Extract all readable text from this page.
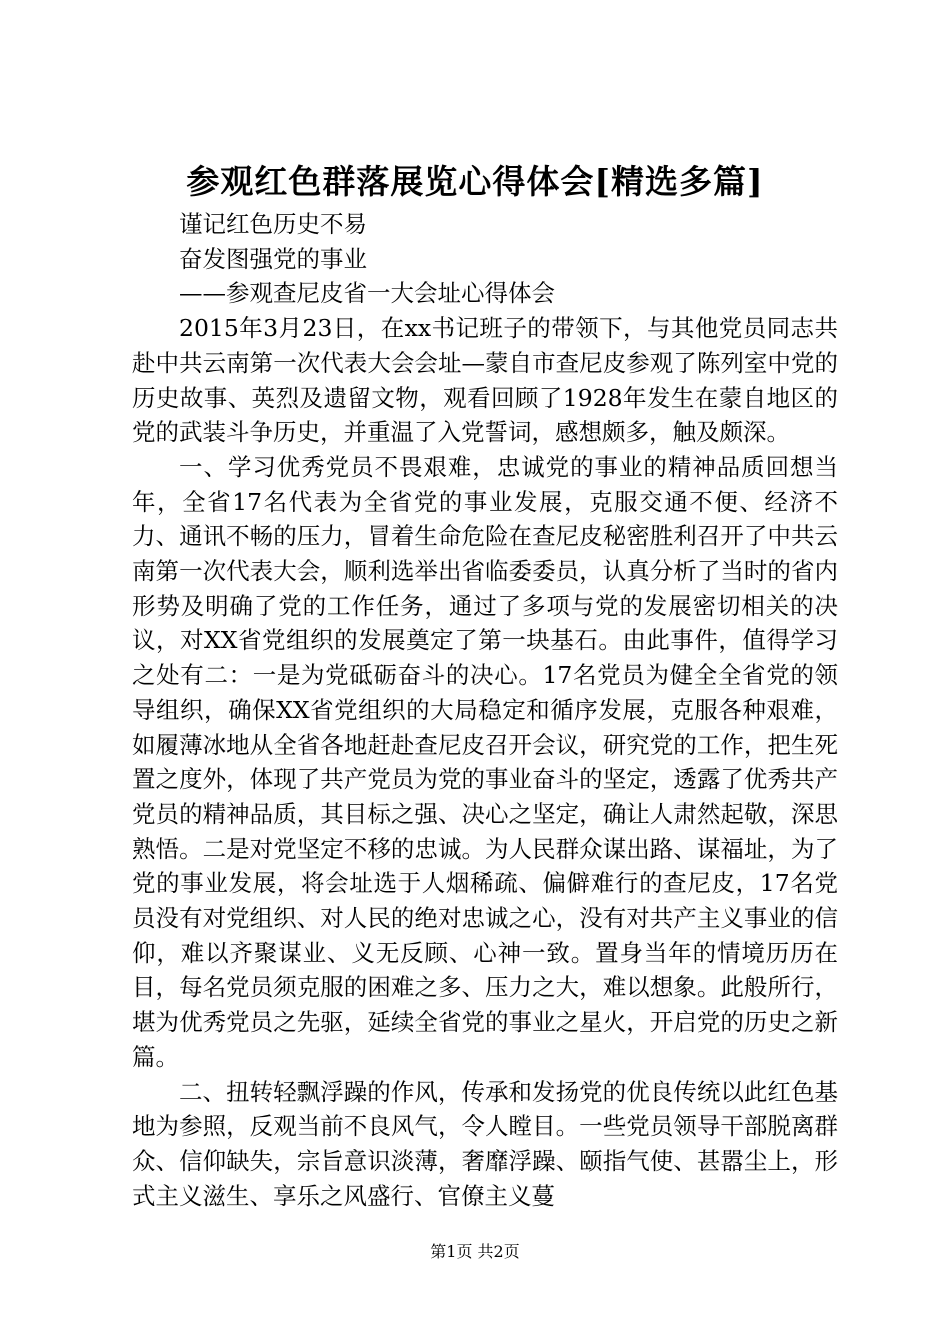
参观红色群落展览心得体会[精选多篇]

谨记红色历史不易

奋发图强党的事业

——参观查尼皮省一大会址心得体会

2015年3月23日，在xx书记班子的带领下，与其他党员同志共赴中共云南第一次代表大会会址—蒙自市查尼皮参观了陈列室中党的历史故事、英烈及遗留文物，观看回顾了1928年发生在蒙自地区的党的武装斗争历史，并重温了入党誓词，感想颇多，触及颇深。

一、学习优秀党员不畏艰难，忠诚党的事业的精神品质回想当年，全省17名代表为全省党的事业发展，克服交通不便、经济不力、通讯不畅的压力，冒着生命危险在查尼皮秘密胜利召开了中共云南第一次代表大会，顺利选举出省临委委员，认真分析了当时的省内形势及明确了党的工作任务，通过了多项与党的发展密切相关的决议，对XX省党组织的发展奠定了第一块基石。由此事件，值得学习之处有二：一是为党砥砺奋斗的决心。17名党员为健全全省党的领导组织，确保XX省党组织的大局稳定和循序发展，克服各种艰难，如履薄冰地从全省各地赶赴查尼皮召开会议，研究党的工作，把生死置之度外，体现了共产党员为党的事业奋斗的坚定，透露了优秀共产党员的精神品质，其目标之强、决心之坚定，确让人肃然起敬，深思熟悟。二是对党坚定不移的忠诚。为人民群众谋出路、谋福址，为了党的事业发展，将会址选于人烟稀疏、偏僻难行的查尼皮，17名党员没有对党组织、对人民的绝对忠诚之心，没有对共产主义事业的信仰，难以齐聚谋业、义无反顾、心神一致。置身当年的情境历历在目，每名党员须克服的困难之多、压力之大，难以想象。此般所行，堪为优秀党员之先驱，延续全省党的事业之星火，开启党的历史之新篇。

二、扭转轻飘浮躁的作风，传承和发扬党的优良传统以此红色基地为参照，反观当前不良风气，令人瞠目。一些党员领导干部脱离群众、信仰缺失，宗旨意识淡薄，奢靡浮躁、颐指气使、甚嚣尘上，形式主义滋生、享乐之风盛行、官僚主义蔓

第1页 共2页
